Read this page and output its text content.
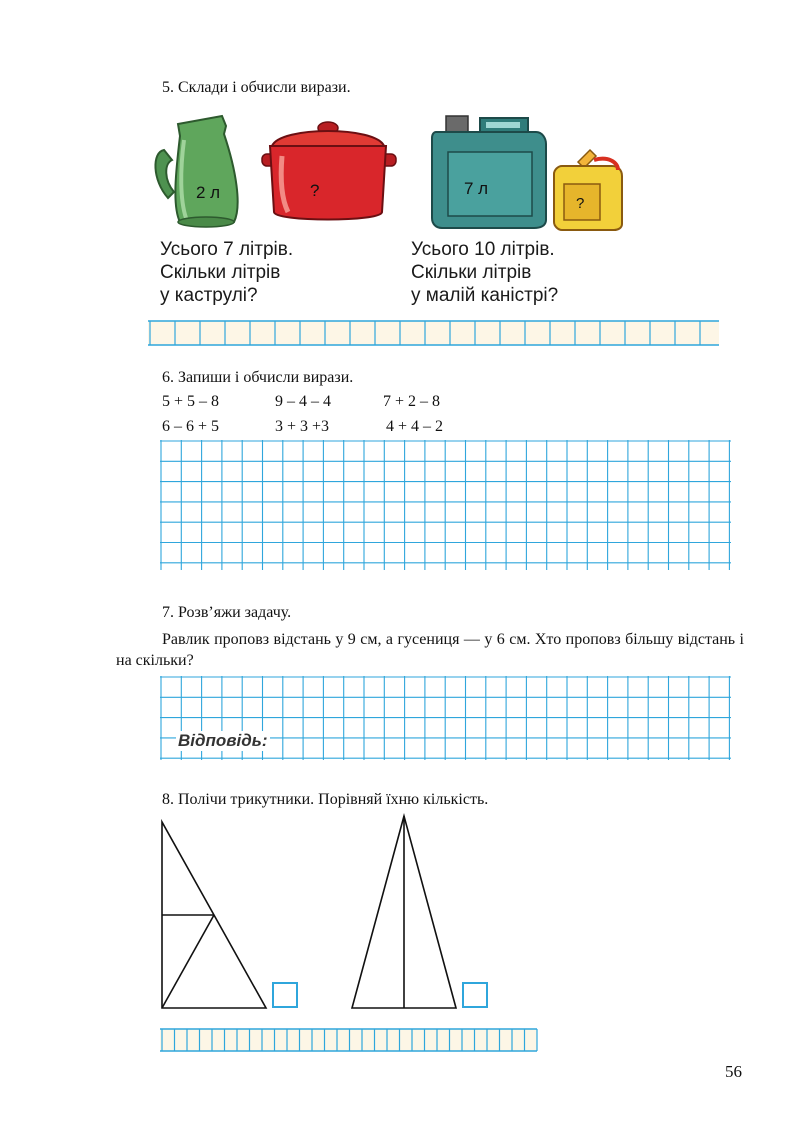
5. Склади і обчисли вирази.
2 л	?	7 л
?
Усього 7 літрів.
Скільки літрів
у каструлі?
Усього 10 літрів.
Скільки літрів
у малій каністрі?
6. Запиши і обчисли вирази.
5 + 5 – 8	9 – 4 – 4	7 + 2 – 8
6 – 6 + 5	3 + 3 +3	4 + 4 – 2
7. Розв’яжи задачу.
Равлик проповз відстань у 9 см, а гусениця — у 6 см. Хто проповз більшу відстань і на скільки?
Відповідь:
8. Полічи трикутники. Порівняй їхню кількість.
56
